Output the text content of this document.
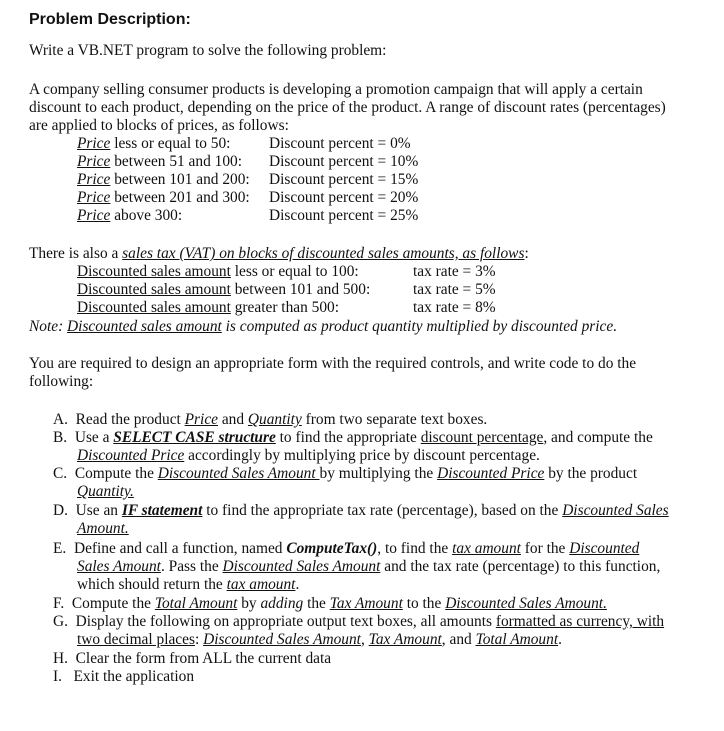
Problem Description:
Write a VB.NET program to solve the following problem:
A company selling consumer products is developing a promotion campaign that will apply a certain
discount to each product, depending on the price of the product. A range of discount rates (percentages)
are applied to blocks of prices, as follows:
Price less or equal to 50:	Discount percent = 0%
Price between 51 and 100: Discount percent = 10%
Price between 101 and 200: Discount percent = 15%
Price between 201 and 300: Discount percent = 20%
Price above 300:	Discount percent = 25%
There is also a sales tax (VAT) on blocks of discounted sales amounts, as follows:
Discounted sales amount less or equal to 100:	tax rate = 3%
Discounted sales amount between 101 and 500:	tax rate = 5%
Discounted sales amount greater than 500:	tax rate = 8%
Note: Discounted sales amount is computed as product quantity multiplied by discounted price.
You are required to design an appropriate form with the required controls, and write code to do the
following:
A. Read the product Price and Quantity from two separate text boxes.
B. Use a SELECT CASE structure to find the appropriate discount percentage, and compute the
Discounted Price accordingly by multiplying price by discount percentage.
C. Compute the Discounted Sales Amount by multiplying the Discounted Price by the product
Quantity.
D. Use an IF statement to find the appropriate tax rate (percentage), based on the Discounted Sales
Amount.
E. Define and call a function, named ComputeTax(), to find the tax amount for the Discounted
Sales Amount. Pass the Discounted Sales Amount and the tax rate (percentage) to this function,
which should return the tax amount.
F. Compute the Total Amount by adding the Tax Amount to the Discounted Sales Amount.
G. Display the following on appropriate output text boxes, all amounts formatted as currency, with
two decimal places: Discounted Sales Amount, Tax Amount, and Total Amount.
H. Clear the form from ALL the current data
I. Exit the application
